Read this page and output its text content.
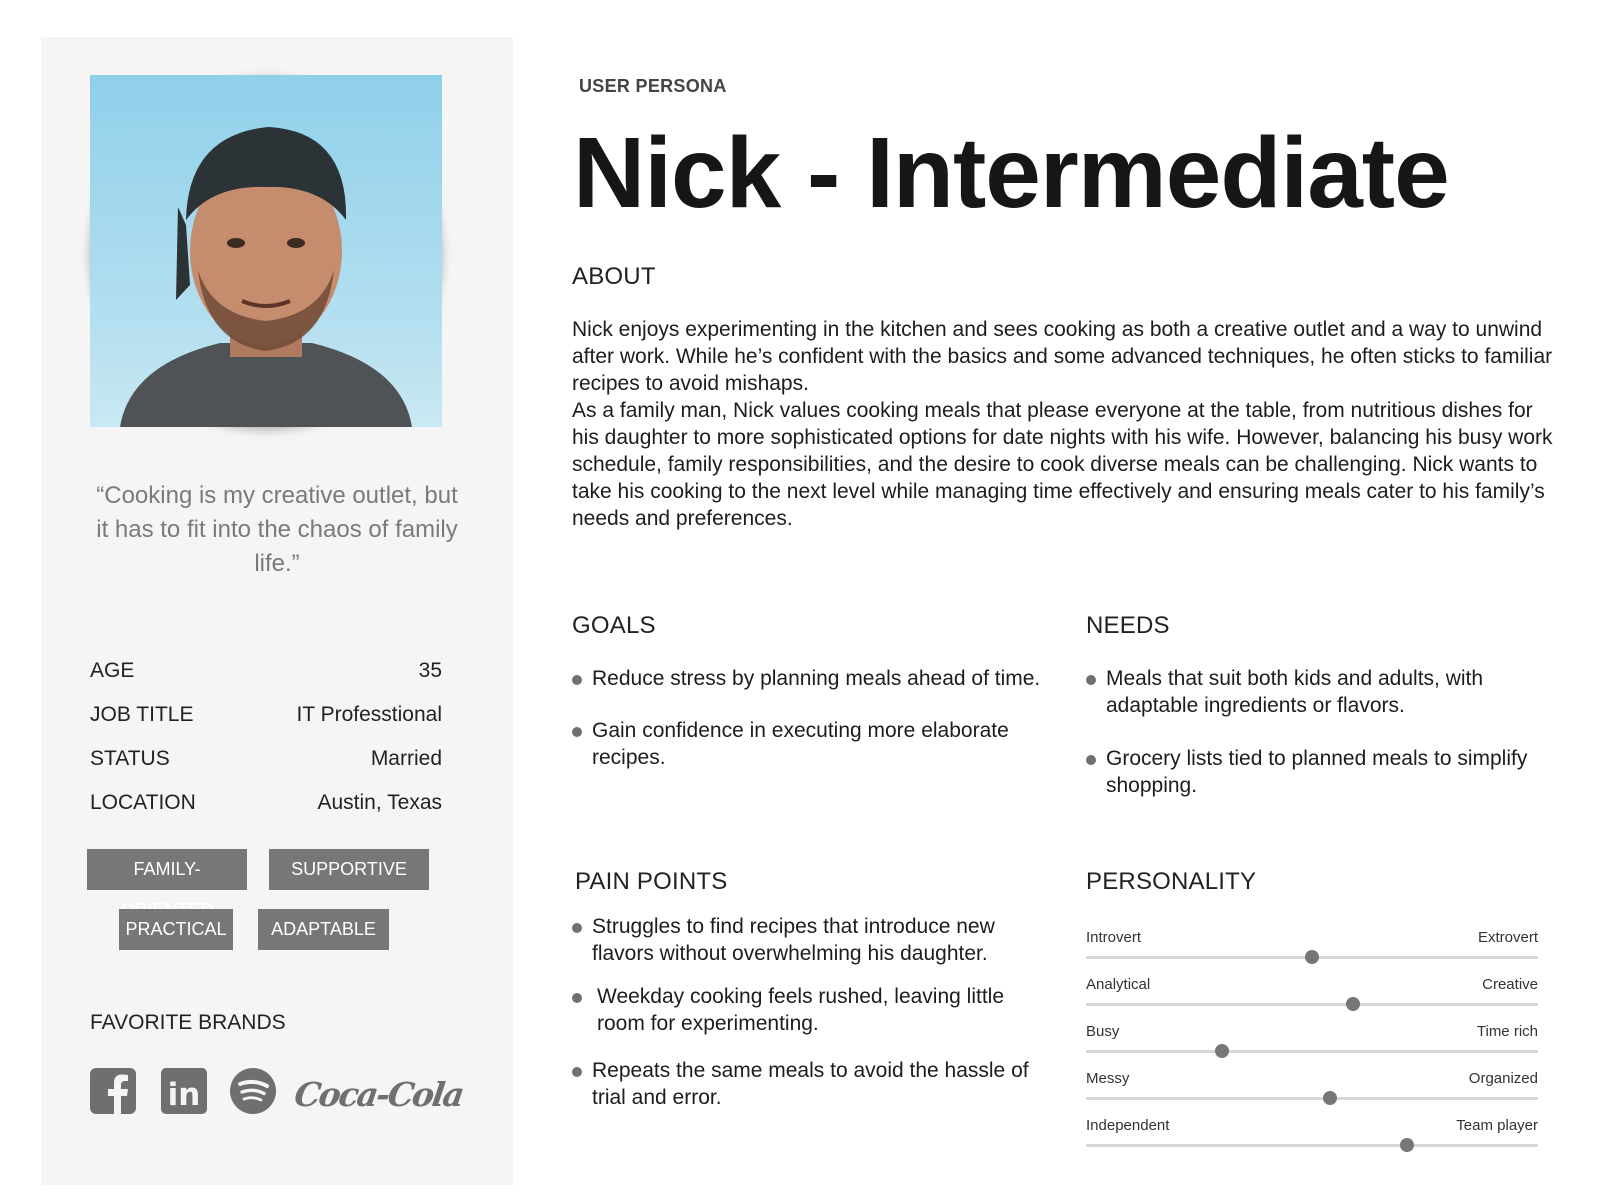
“Cooking is my creative outlet, but it has to fit into the chaos of family life.”
AGE	35
JOB TITLE	IT Professtional
STATUS	Married
LOCATION	Austin, Texas
FAMILY-	SUPPORTIVE
PRACTICAL	ADAPTABLE
FAVORITE BRANDS
in	Coca-Cola
USER PERSONA
Nick - Intermediate
ABOUT

Nick enjoys experimenting in the kitchen and sees cooking as both a creative outlet and a way to unwind after work. While he’s confident with the basics and some advanced techniques, he often sticks to familiar recipes to avoid mishaps.

As a family man, Nick values cooking meals that please everyone at the table, from nutritious dishes for his daughter to more sophisticated options for date nights with his wife. However, balancing his busy work schedule, family responsibilities, and the desire to cook diverse meals can be challenging. Nick wants to take his cooking to the next level while managing time effectively and ensuring meals cater to his family’s needs and preferences.

GOALS
Reduce stress by planning meals ahead of time.
Gain confidence in executing more elaborate recipes.
NEEDS
Meals that suit both kids and adults, with adaptable ingredients or flavors.
Grocery lists tied to planned meals to simplify shopping.
PAIN POINTS
Struggles to find recipes that introduce new flavors without overwhelming his daughter.
Weekday cooking feels rushed, leaving little room for experimenting.
Repeats the same meals to avoid the hassle of trial and error.
PERSONALITY
Introvert	Extrovert
Analytical	Creative
Busy	Time rich
Messy	Organized
Independent	Team player
